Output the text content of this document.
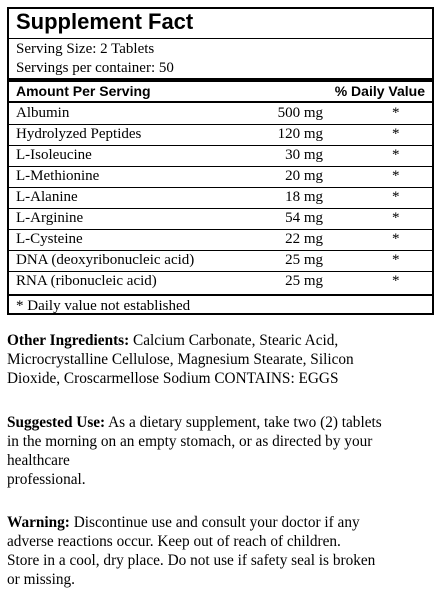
Supplement Fact
Serving Size: 2 Tablets
Servings per container: 50
Amount Per Serving	% Daily Value
Albumin	500 mg	*
Hydrolyzed Peptides	120 mg	*
L-Isoleucine	30 mg	*
L-Methionine	20 mg	*
L-Alanine	18 mg	*
L-Arginine	54 mg	*
L-Cysteine	22 mg	*
DNA (deoxyribonucleic acid)	25 mg	*
RNA (ribonucleic acid)	25 mg	*
* Daily value not established
Other Ingredients: Calcium Carbonate, Stearic Acid,
Microcrystalline Cellulose, Magnesium Stearate, Silicon
Dioxide, Croscarmellose Sodium CONTAINS: EGGS
Suggested Use: As a dietary supplement, take two (2) tablets
in the morning on an empty stomach, or as directed by your
healthcare
professional.
Warning: Discontinue use and consult your doctor if any
adverse reactions occur. Keep out of reach of children.
Store in a cool, dry place. Do not use if safety seal is broken
or missing.
